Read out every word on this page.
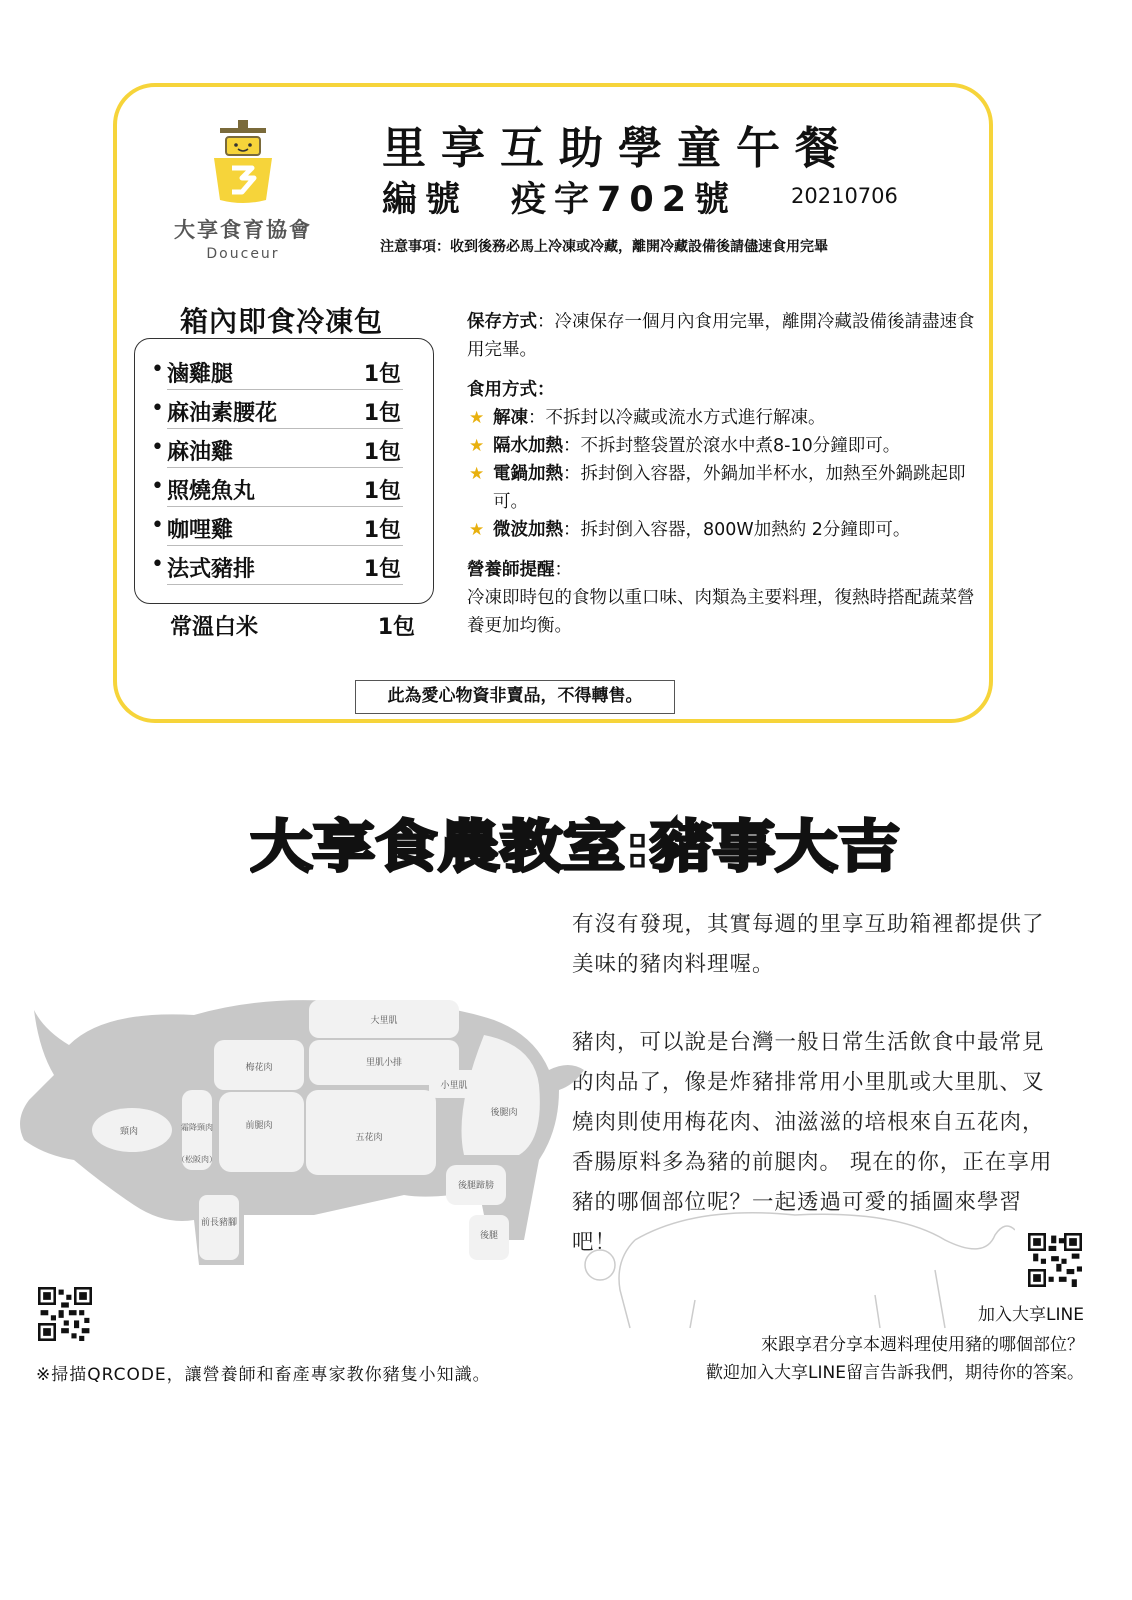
大享食育協會
Douceur
里享互助學童午餐
編號　疫字702號	20210706
注意事項：收到後務必馬上冷凍或冷藏，離開冷藏設備後請儘速食用完畢
箱內即食冷凍包
• 滷雞腿	1包
• 麻油素腰花	1包
• 麻油雞	1包
• 照燒魚丸	1包
• 咖哩雞	1包
• 法式豬排	1包
常溫白米	1包

保存方式：冷凍保存一個月內食用完畢，離開冷藏設備後請盡速食用完畢。

食用方式：

★ 解凍：不拆封以冷藏或流水方式進行解凍。
★ 隔水加熱：不拆封整袋置於滾水中煮8-10分鐘即可。
★ 電鍋加熱：拆封倒入容器，外鍋加半杯水，加熱至外鍋跳起即可。
★ 微波加熱：拆封倒入容器，800W加熱約 2分鐘即可。

營養師提醒：

冷凍即時包的食物以重口味、肉類為主要料理，復熱時搭配蔬菜營養更加均衡。

此為愛心物資非賣品，不得轉售。
大享食農教室:豬事大吉
有沒有發現，其實每週的里享互助箱裡都提供了美味的豬肉料理喔。
豬肉，可以說是台灣一般日常生活飲食中最常見的肉品了，像是炸豬排常用小里肌或大里肌、叉燒肉則使用梅花肉、油滋滋的培根來自五花肉，香腸原料多為豬的前腿肉。 現在的你，正在享用豬的哪個部位呢？一起透過可愛的插圖來學習吧！
大里肌
梅花肉	里肌小排
小里肌
後腿肉
頸肉	霜降頸肉
（松阪肉）
前腿肉
五花肉
後腿蹄膀
前長豬腳
後腿
※掃描QRCODE，讓營養師和畜產專家教你豬隻小知識。
加入大享LINE
來跟享君分享本週料理使用豬的哪個部位？
歡迎加入大享LINE留言告訴我們，期待你的答案。
